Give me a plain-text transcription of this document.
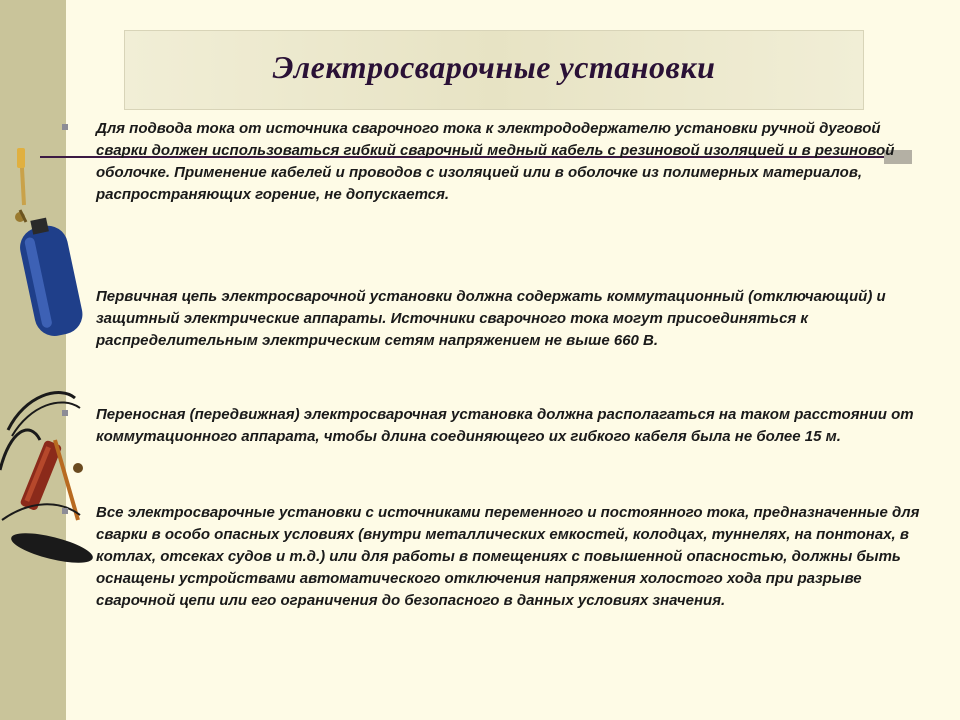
Электросварочные установки

Для подвода тока от источника сварочного тока к электрододержателю установки ручной дуговой сварки должен использоваться гибкий сварочный медный кабель с резиновой изоляцией и в резиновой оболочке. Применение кабелей и проводов с изоляцией или в оболочке из полимерных материалов, распространяющих горение, не допускается.

Первичная цепь электросварочной установки должна содержать коммутационный (отключающий) и защитный электрические аппараты. Источники сварочного тока могут присоединяться к распределительным электрическим сетям напряжением не выше 660 В.

Переносная (передвижная) электросварочная установка должна располагаться на таком расстоянии от коммутационного аппарата, чтобы длина соединяющего их гибкого кабеля была не более 15 м.

Все электросварочные установки с источниками переменного и постоянного тока, предназначенные для сварки в особо опасных условиях (внутри металлических емкостей, колодцах, туннелях, на понтонах, в котлах, отсеках судов и т.д.) или для работы в помещениях с повышенной опасностью, должны быть оснащены устройствами автоматического отключения напряжения холостого хода при разрыве сварочной цепи или его ограничения до безопасного в данных условиях значения.
